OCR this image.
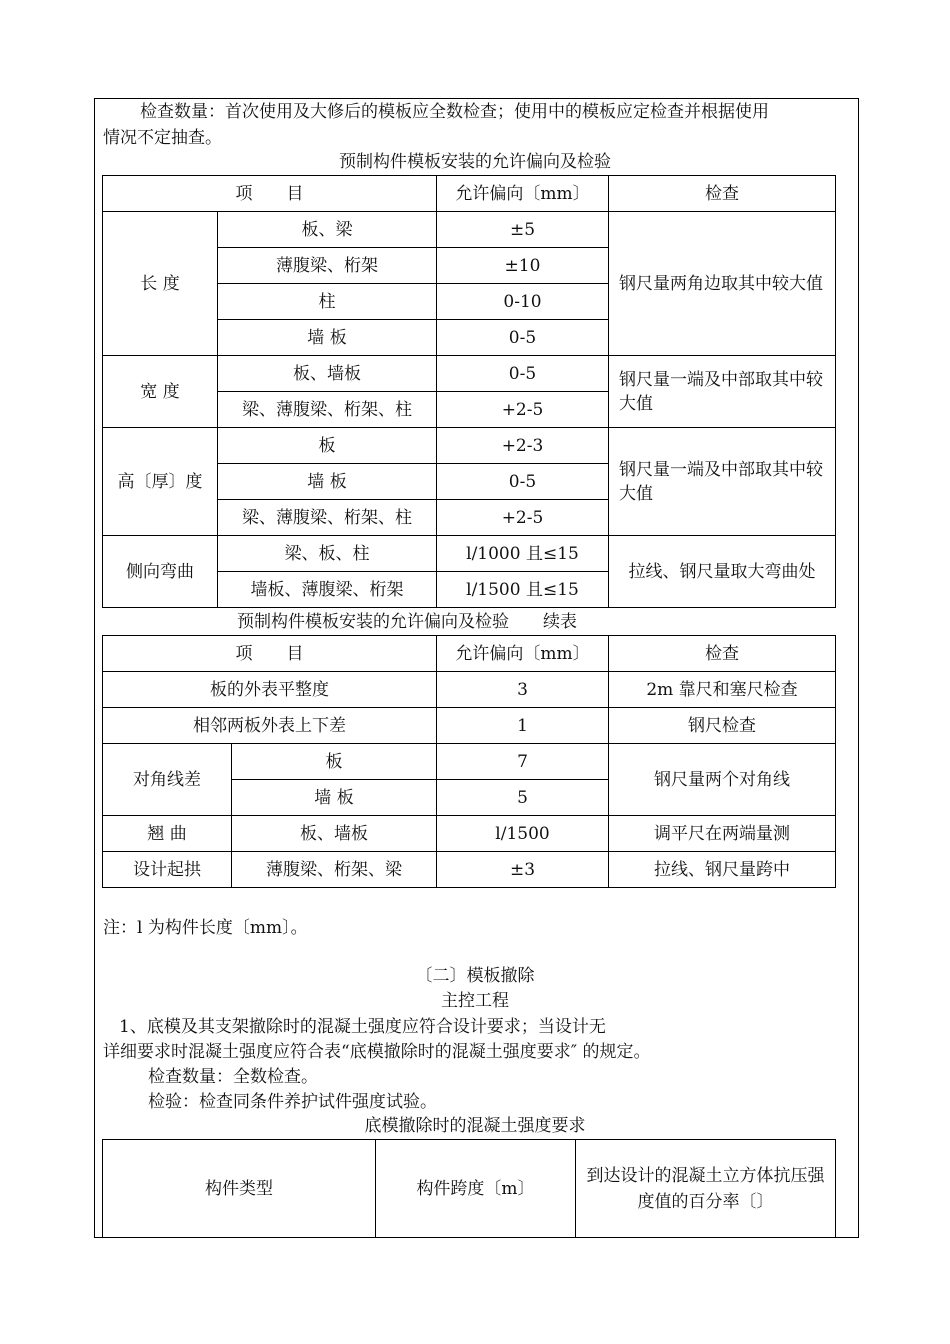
检查数量：首次使用及大修后的模板应全数检查；使用中的模板应定检查并根据使用
情况不定抽查。
预制构件模板安装的允许偏向及检验
项　　目		允许偏向〔mm〕	检查
长 度	板、梁	±5	钢尺量两角边取其中较大值
	薄腹梁、桁架	±10	
	柱	0-10	
	墙 板	0-5	
宽 度	板、墙板	0-5	钢尺量一端及中部取其中较大值
	梁、薄腹梁、桁架、柱	+2-5	
高〔厚〕度	板	+2-3	钢尺量一端及中部取其中较大值
	墙 板	0-5	
	梁、薄腹梁、桁架、柱	+2-5	
侧向弯曲	梁、板、柱	l/1000 且≤15	拉线、钢尺量取大弯曲处
	墙板、薄腹梁、桁架	l/1500 且≤15	
预制构件模板安装的允许偏向及检验　　续表
项　　目		允许偏向〔mm〕	检查
板的外表平整度		3	2m 靠尺和塞尺检查
相邻两板外表上下差		1	钢尺检查
对角线差	板	7	钢尺量两个对角线
	墙 板	5	
翘 曲	板、墙板	l/1500	调平尺在两端量测
设计起拱	薄腹梁、桁架、梁	±3	拉线、钢尺量跨中
注：l 为构件长度〔mm〕。
〔二〕模板撤除
主控工程
1、底模及其支架撤除时的混凝土强度应符合设计要求；当设计无
详细要求时混凝土强度应符合表“底模撤除时的混凝土强度要求″ 的规定。
检查数量：全数检查。
检验：检查同条件养护试件强度试验。
底模撤除时的混凝土强度要求
构件类型	构件跨度〔m〕	到达设计的混凝土立方体抗压强度值的百分率〔〕
